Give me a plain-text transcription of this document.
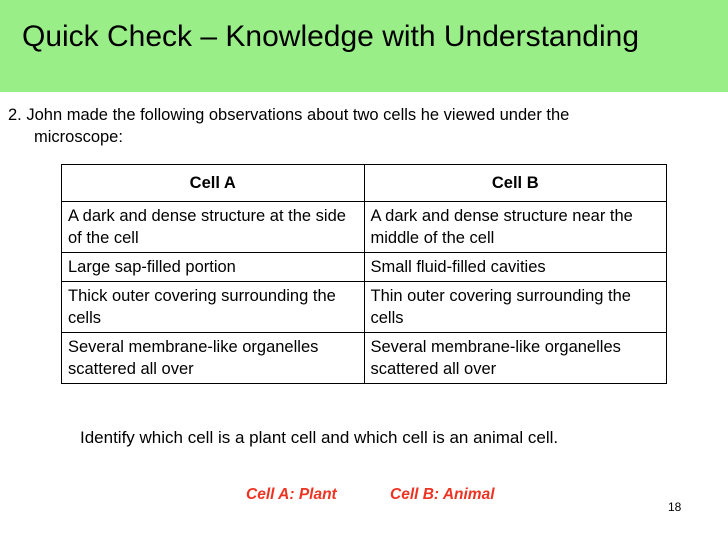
Quick Check – Knowledge with Understanding
2. John made the following observations about two cells he viewed under the
microscope:
Cell A	Cell B
A dark and dense structure at the side of the cell	A dark and dense structure near the middle of the cell
Large sap-filled portion	Small fluid-filled cavities
Thick outer covering surrounding the cells	Thin outer covering surrounding the cells
Several membrane-like organelles scattered all over	Several membrane-like organelles scattered all over
Identify which cell is a plant cell and which cell is an animal cell.
Cell A: Plant	Cell B: Animal
18
